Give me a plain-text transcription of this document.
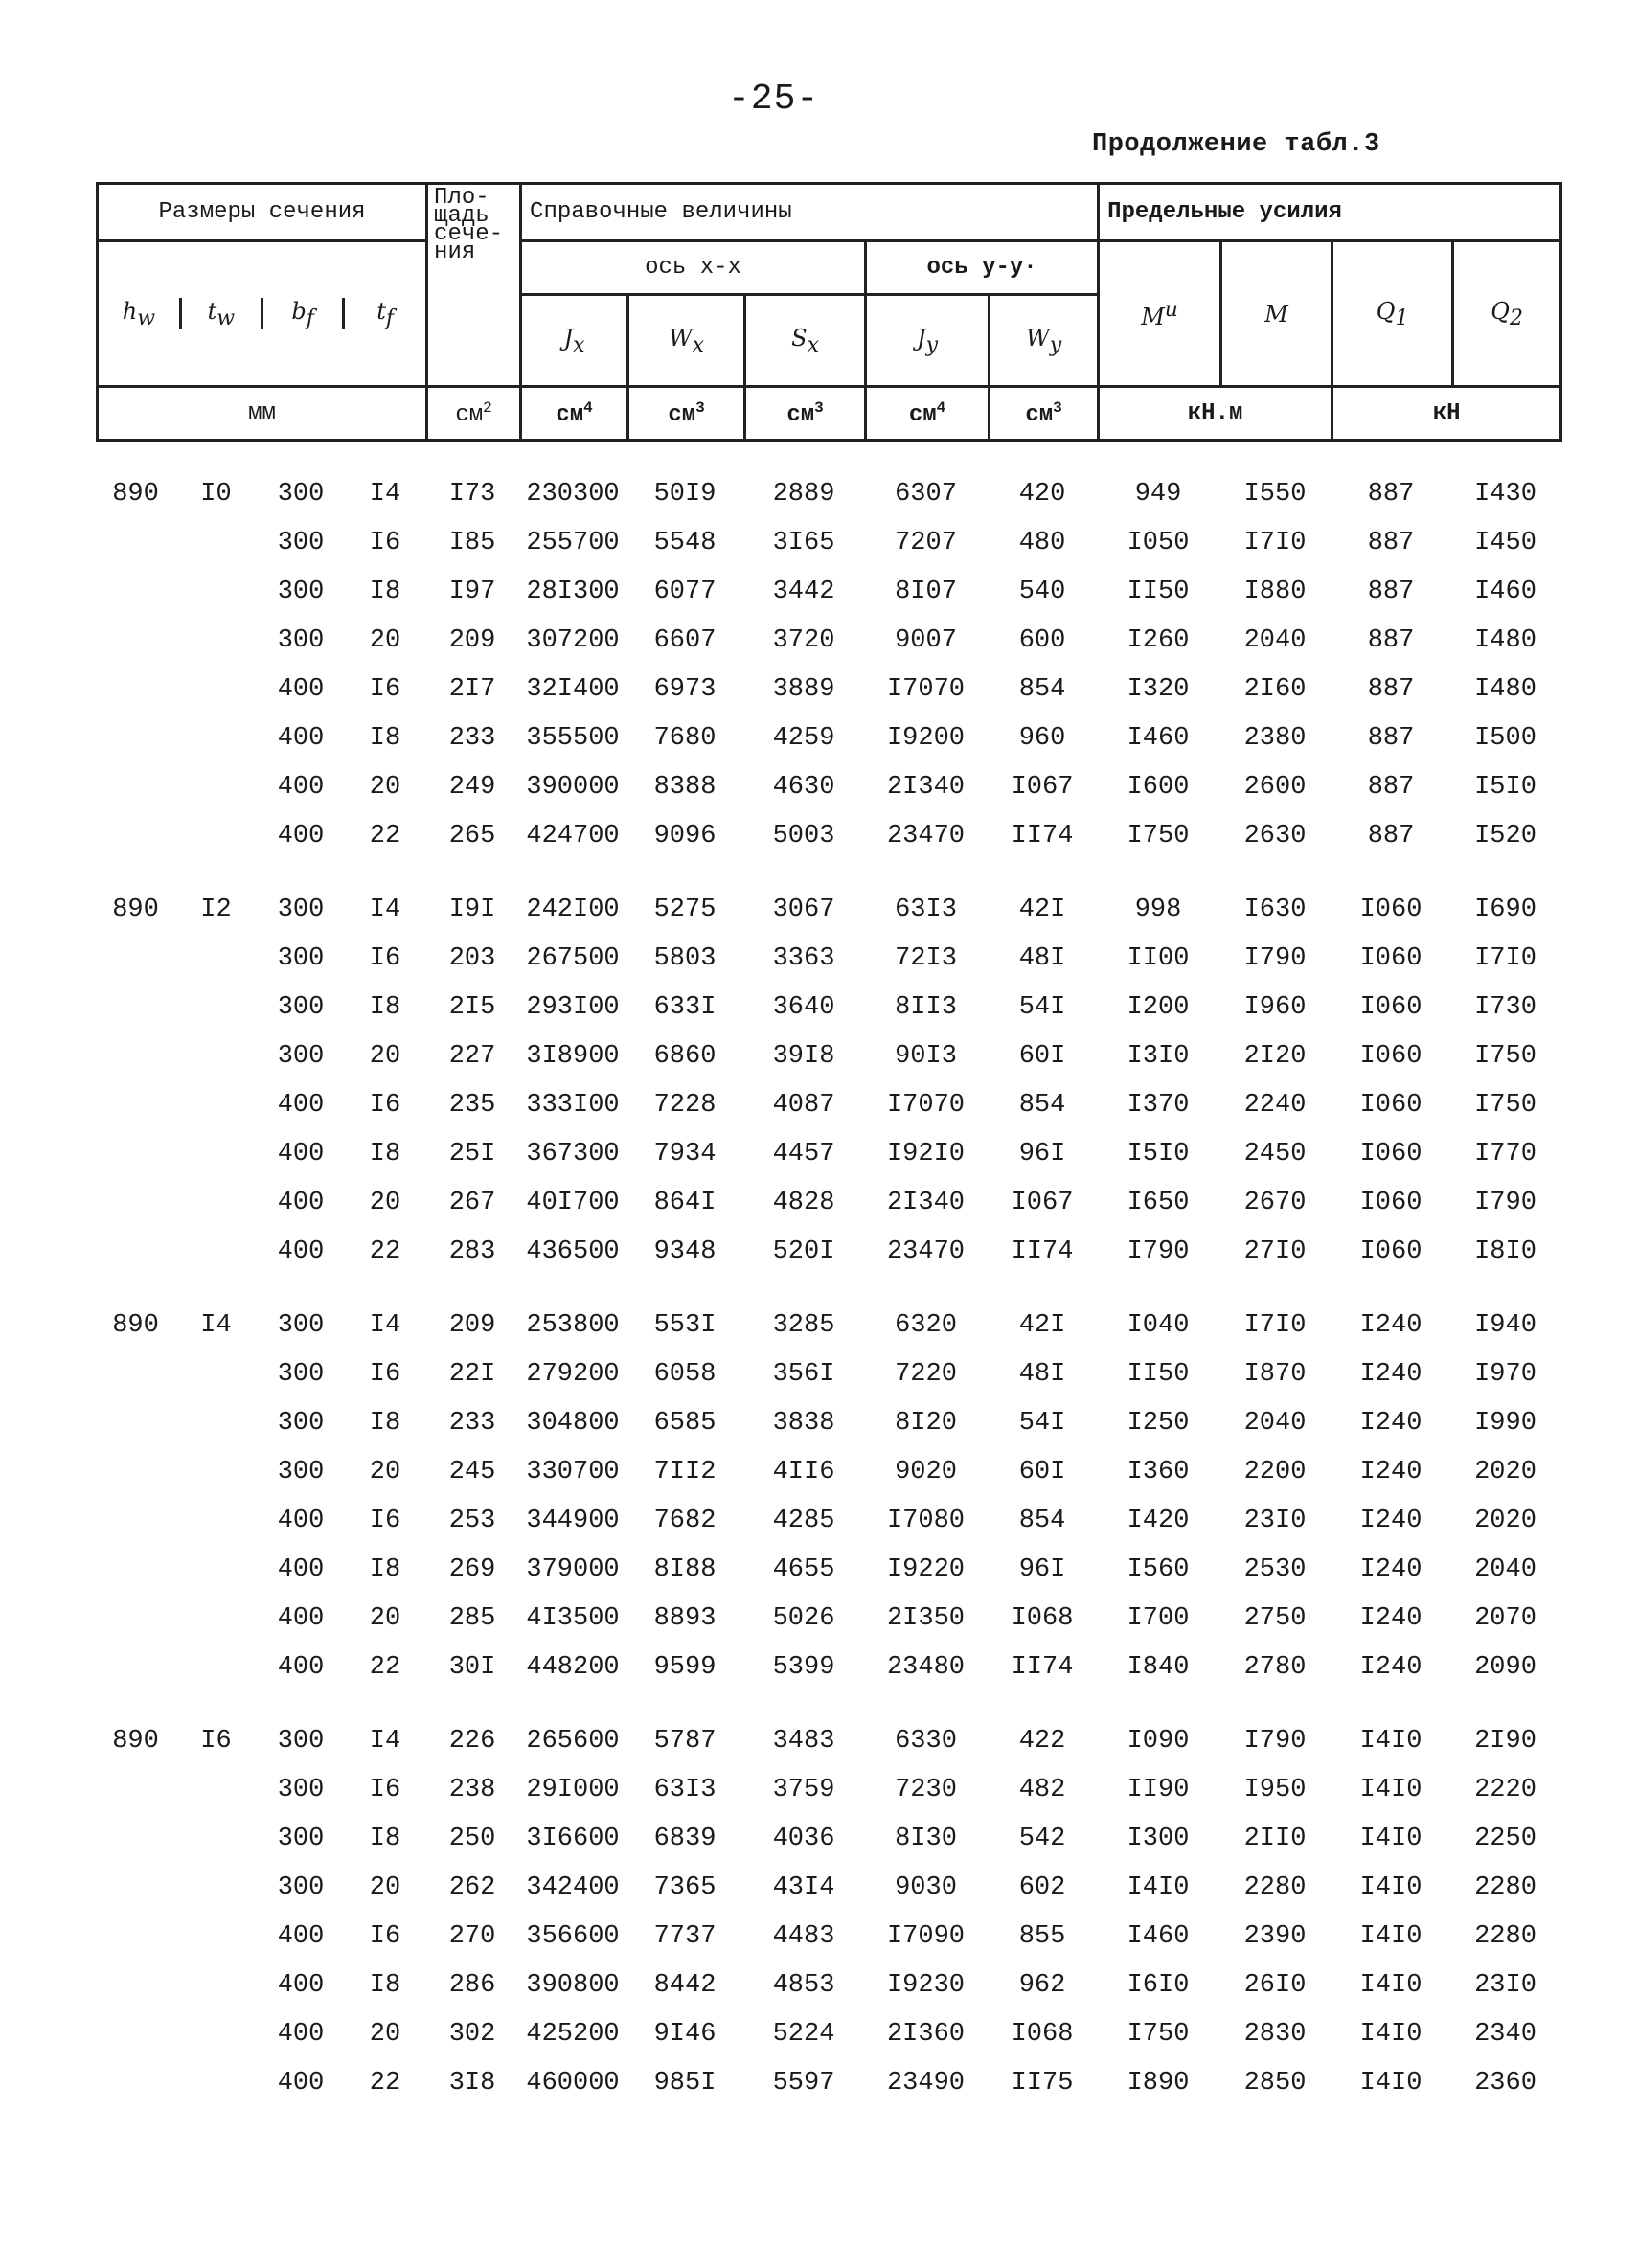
-25-
Продолжение табл.3
Размеры сечения	Пло-щадь сече-ния	Справочные величины	Предельные усилия

$h_w$	$t_w$	$b_f$	$t_f$
	ось x-x	ось y-y·	$M^u$	M	$Q_1$	$Q_2$
$J_x$	$W_x$	$S_x$	$J_y$	$W_y$
мм	$см^2$	$см^4$	$см^3$	$см^3$	$см^4$	$см^3$	кН.м	кН
890	I0	300	I4	I73	230300	50I9	2889	6307	420	949	I550	887	I430
		300	I6	I85	255700	5548	3I65	7207	480	I050	I7I0	887	I450
		300	I8	I97	28I300	6077	3442	8I07	540	II50	I880	887	I460
		300	20	209	307200	6607	3720	9007	600	I260	2040	887	I480
		400	I6	2I7	32I400	6973	3889	I7070	854	I320	2I60	887	I480
		400	I8	233	355500	7680	4259	I9200	960	I460	2380	887	I500
		400	20	249	390000	8388	4630	2I340	I067	I600	2600	887	I5I0
		400	22	265	424700	9096	5003	23470	II74	I750	2630	887	I520

890	I2	300	I4	I9I	242I00	5275	3067	63I3	42I	998	I630	I060	I690
		300	I6	203	267500	5803	3363	72I3	48I	II00	I790	I060	I7I0
		300	I8	2I5	293I00	633I	3640	8II3	54I	I200	I960	I060	I730
		300	20	227	3I8900	6860	39I8	90I3	60I	I3I0	2I20	I060	I750
		400	I6	235	333I00	7228	4087	I7070	854	I370	2240	I060	I750
		400	I8	25I	367300	7934	4457	I92I0	96I	I5I0	2450	I060	I770
		400	20	267	40I700	864I	4828	2I340	I067	I650	2670	I060	I790
		400	22	283	436500	9348	520I	23470	II74	I790	27I0	I060	I8I0

890	I4	300	I4	209	253800	553I	3285	6320	42I	I040	I7I0	I240	I940
		300	I6	22I	279200	6058	356I	7220	48I	II50	I870	I240	I970
		300	I8	233	304800	6585	3838	8I20	54I	I250	2040	I240	I990
		300	20	245	330700	7II2	4II6	9020	60I	I360	2200	I240	2020
		400	I6	253	344900	7682	4285	I7080	854	I420	23I0	I240	2020
		400	I8	269	379000	8I88	4655	I9220	96I	I560	2530	I240	2040
		400	20	285	4I3500	8893	5026	2I350	I068	I700	2750	I240	2070
		400	22	30I	448200	9599	5399	23480	II74	I840	2780	I240	2090

890	I6	300	I4	226	265600	5787	3483	6330	422	I090	I790	I4I0	2I90
		300	I6	238	29I000	63I3	3759	7230	482	II90	I950	I4I0	2220
		300	I8	250	3I6600	6839	4036	8I30	542	I300	2II0	I4I0	2250
		300	20	262	342400	7365	43I4	9030	602	I4I0	2280	I4I0	2280
		400	I6	270	356600	7737	4483	I7090	855	I460	2390	I4I0	2280
		400	I8	286	390800	8442	4853	I9230	962	I6I0	26I0	I4I0	23I0
		400	20	302	425200	9I46	5224	2I360	I068	I750	2830	I4I0	2340
		400	22	3I8	460000	985I	5597	23490	II75	I890	2850	I4I0	2360
